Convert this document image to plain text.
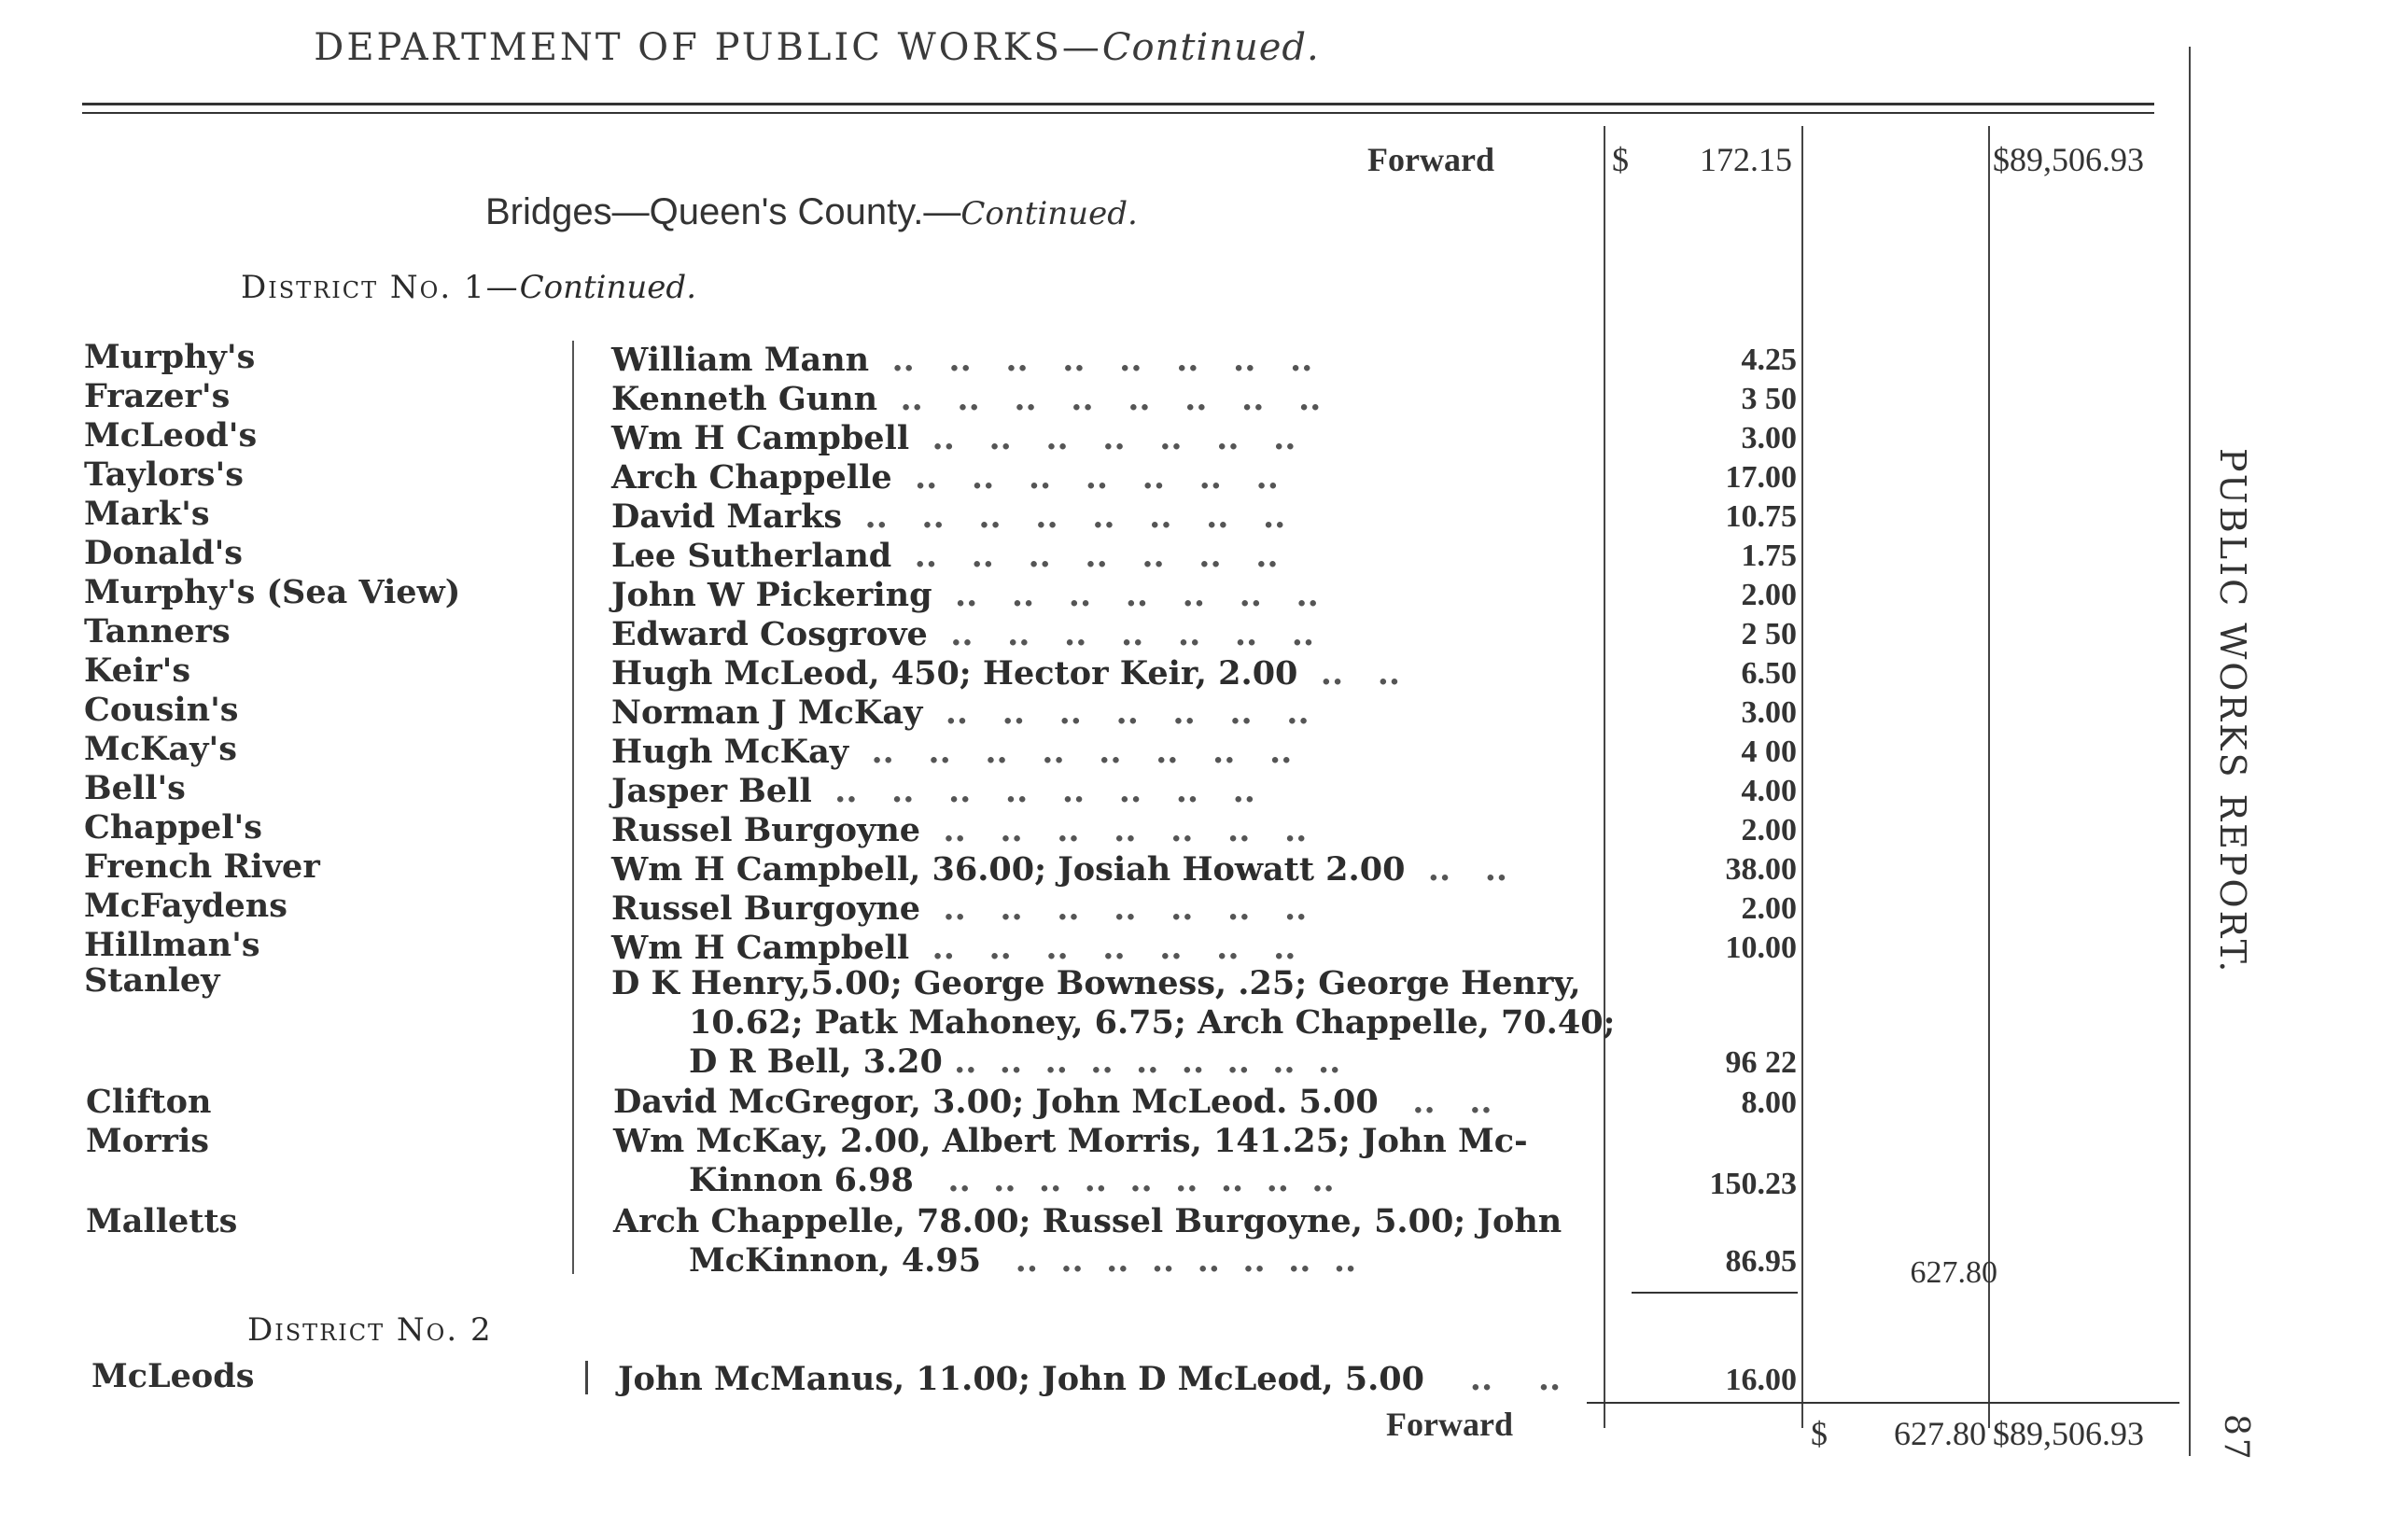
DEPARTMENT OF PUBLIC WORKS—Continued.
Forward	$	172.15	$89,506.93
Bridges—Queen's County.—Continued.
District No. 1—Continued.
Murphy's	William Mann  ..   ..   ..   ..   ..   ..   ..   ..	4.25
Frazer's	Kenneth Gunn  ..   ..   ..   ..   ..   ..   ..   ..	3 50
McLeod's	Wm H Campbell  ..   ..   ..   ..   ..   ..   ..	3.00
Taylors's	Arch Chappelle  ..   ..   ..   ..   ..   ..   ..	17.00
Mark's	David Marks  ..   ..   ..   ..   ..   ..   ..   ..	10.75
Donald's	Lee Sutherland  ..   ..   ..   ..   ..   ..   ..	1.75
Murphy's (Sea View)	John W Pickering  ..   ..   ..   ..   ..   ..   ..	2.00
Tanners	Edward Cosgrove  ..   ..   ..   ..   ..   ..   ..	2 50
Keir's	Hugh McLeod, 450; Hector Keir, 2.00  ..   ..	6.50
Cousin's	Norman J McKay  ..   ..   ..   ..   ..   ..   ..	3.00
McKay's	Hugh McKay  ..   ..   ..   ..   ..   ..   ..   ..	4 00
Bell's	Jasper Bell  ..   ..   ..   ..   ..   ..   ..   ..	4.00
Chappel's	Russel Burgoyne  ..   ..   ..   ..   ..   ..   ..	2.00
French River	Wm H Campbell, 36.00; Josiah Howatt 2.00  ..   ..	38.00
McFaydens	Russel Burgoyne  ..   ..   ..   ..   ..   ..   ..	2.00
Hillman's	Wm H Campbell  ..   ..   ..   ..   ..   ..   ..	10.00
Stanley	D K Henry,5.00; George Bowness, .25; George Henry,
10.62; Patk Mahoney, 6.75; Arch Chappelle, 70.40;
D R Bell, 3.20 ..  ..  ..  ..  ..  ..  ..  ..  ..	96 22
Clifton	David McGregor, 3.00; John McLeod. 5.00   ..   ..	8.00
Morris	Wm McKay, 2.00, Albert Morris, 141.25; John Mc-
Kinnon 6.98   ..  ..  ..  ..  ..  ..  ..  ..  ..	150.23
Malletts	Arch Chappelle, 78.00; Russel Burgoyne, 5.00; John
McKinnon, 4.95   ..  ..  ..  ..  ..  ..  ..  ..	86.95	627.80
District No. 2
McLeods	John McManus, 11.00; John D McLeod, 5.00    ..    ..	16.00
Forward	$	627.80 $89,506.93
PUBLIC WORKS REPORT.
87
